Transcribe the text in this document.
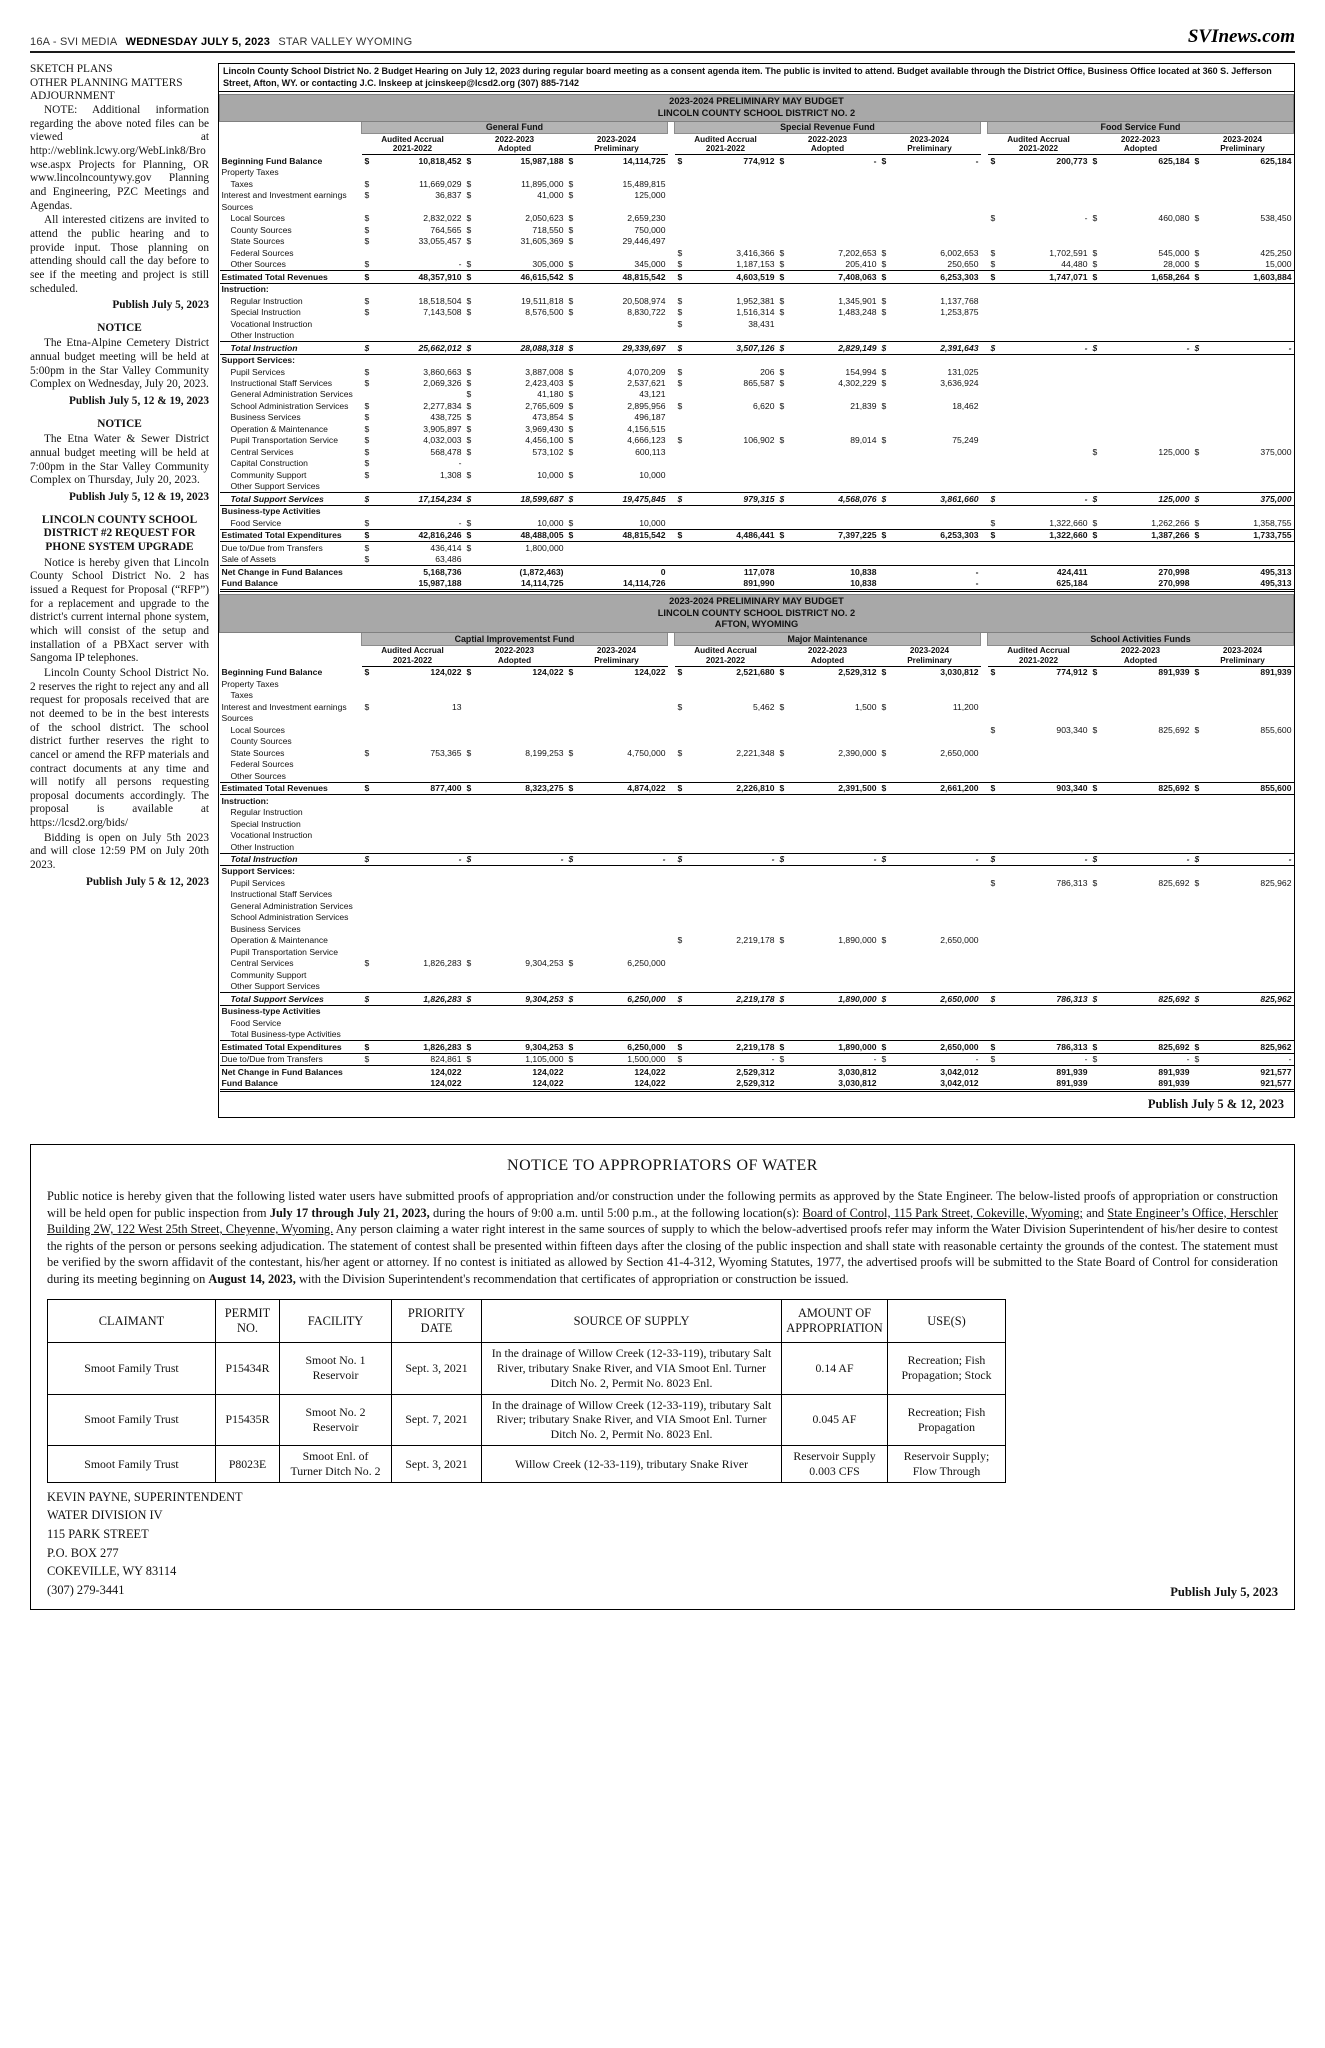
16A - SVI MEDIA WEDNESDAY JULY 5, 2023 STAR VALLEY WYOMING	SVInews.com
SKETCH PLANS
OTHER PLANNING MATTERS
ADJOURNMENT
NOTE: Additional information regarding the above noted files can be viewed at http://weblink.lcwy.org/WebLink8/Browse.aspx Projects for Planning, OR www.lincolncountywy.gov Planning and Engineering, PZC Meetings and Agendas.
All interested citizens are invited to attend the public hearing and to provide input. Those planning on attending should call the day before to see if the meeting and project is still scheduled.
Publish July 5, 2023
NOTICE
The Etna-Alpine Cemetery District annual budget meeting will be held at 5:00pm in the Star Valley Community Complex on Wednesday, July 20, 2023.
Publish July 5, 12 & 19, 2023
NOTICE
The Etna Water & Sewer District annual budget meeting will be held at 7:00pm in the Star Valley Community Complex on Thursday, July 20, 2023.
Publish July 5, 12 & 19, 2023
LINCOLN COUNTY SCHOOL DISTRICT #2 REQUEST FOR PHONE SYSTEM UPGRADE
Notice is hereby given that Lincoln County School District No. 2 has issued a Request for Proposal (“RFP”) for a replacement and upgrade to the district's current internal phone system, which will consist of the setup and installation of a PBXact server with Sangoma IP telephones.
Lincoln County School District No. 2 reserves the right to reject any and all request for proposals received that are not deemed to be in the best interests of the school district. The school district further reserves the right to cancel or amend the RFP materials and contract documents at any time and will notify all persons requesting proposal documents accordingly. The proposal is available at https://lcsd2.org/bids/
Bidding is open on July 5th 2023 and will close 12:59 PM on July 20th 2023.
Publish July 5 & 12, 2023
Lincoln County School District No. 2 Budget Hearing on July 12, 2023 during regular board meeting as a consent agenda item. The public is invited to attend. Budget available through the District Office, Business Office located at 360 S. Jefferson Street, Afton, WY. or contacting J.C. Inskeep at jcinskeep@lcsd2.org (307) 885-7142
2023-2024 PRELIMINARY MAY BUDGET
LINCOLN COUNTY SCHOOL DISTRICT NO. 2											

	General Fund				Special Revenue Fund				Food Service Fund		

Audited Accrual
2021-2022

2022-2023
Adopted

2023-2024
Preliminary

Audited Accrual
2021-2022

2022-2023
Adopted

2023-2024
Preliminary

Audited Accrual
2021-2022

2022-2023
Adopted

2023-2024
Preliminary

Beginning Fund Balance	$ 10,818,452	$ 15,987,188	$ 14,114,725		$ 774,912	$ -	$ -		$ 200,773	$ 625,184	$ 625,184
Property Taxes											
Taxes	$ 11,669,029	$ 11,895,000	$ 15,489,815								
Interest and Investment earnings	$ 36,837	$ 41,000	$ 125,000								
Sources											
Local Sources	$ 2,832,022	$ 2,050,623	$ 2,659,230						$ -	$ 460,080	$ 538,450
County Sources	$ 764,565	$ 718,550	$ 750,000								
State Sources	$ 33,055,457	$ 31,605,369	$ 29,446,497								
Federal Sources					$ 3,416,366	$ 7,202,653	$ 6,002,653		$ 1,702,591	$ 545,000	$ 425,250
Other Sources	$ -	$ 305,000	$ 345,000		$ 1,187,153	$ 205,410	$ 250,650		$ 44,480	$ 28,000	$ 15,000
Estimated Total Revenues	$ 48,357,910	$ 46,615,542	$ 48,815,542		$ 4,603,519	$ 7,408,063	$ 6,253,303		$ 1,747,071	$ 1,658,264	$ 1,603,884
Instruction:											
Regular Instruction	$ 18,518,504	$ 19,511,818	$ 20,508,974		$ 1,952,381	$ 1,345,901	$ 1,137,768				
Special Instruction	$ 7,143,508	$ 8,576,500	$ 8,830,722		$ 1,516,314	$ 1,483,248	$ 1,253,875				
Vocational Instruction					$ 38,431						
Other Instruction											
Total Instruction	$ 25,662,012	$ 28,088,318	$ 29,339,697		$ 3,507,126	$ 2,829,149	$ 2,391,643		$ -	$ -	$ -
Support Services:											
Pupil Services	$ 3,860,663	$ 3,887,008	$ 4,070,209		$ 206	$ 154,994	$ 131,025				
Instructional Staff Services	$ 2,069,326	$ 2,423,403	$ 2,537,621		$ 865,587	$ 4,302,229	$ 3,636,924				
General Administration Services		$ 41,180	$ 43,121								
School Administration Services	$ 2,277,834	$ 2,765,609	$ 2,895,956		$ 6,620	$ 21,839	$ 18,462				
Business Services	$ 438,725	$ 473,854	$ 496,187								
Operation & Maintenance	$ 3,905,897	$ 3,969,430	$ 4,156,515								
Pupil Transportation Service	$ 4,032,003	$ 4,456,100	$ 4,666,123		$ 106,902	$ 89,014	$ 75,249				
Central Services	$ 568,478	$ 573,102	$ 600,113							$ 125,000	$ 375,000
Capital Construction	$ -										
Community Support	$ 1,308	$ 10,000	$ 10,000								
Other Support Services											
Total Support Services	$ 17,154,234	$ 18,599,687	$ 19,475,845		$ 979,315	$ 4,568,076	$ 3,861,660		$ -	$ 125,000	$ 375,000
Business-type Activities											
Food Service	$ -	$ 10,000	$ 10,000						$ 1,322,660	$ 1,262,266	$ 1,358,755
Estimated Total Expenditures	$ 42,816,246	$ 48,488,005	$ 48,815,542		$ 4,486,441	$ 7,397,225	$ 6,253,303		$ 1,322,660	$ 1,387,266	$ 1,733,755
Due to/Due from Transfers	$ 436,414	$ 1,800,000									
Sale of Assets	$ 63,486										
Net Change in Fund Balances	5,168,736	(1,872,463)	0		117,078	10,838	-		424,411	270,998	495,313
Fund Balance	15,987,188	14,114,725	14,114,726		891,990	10,838	-		625,184	270,998	495,313
2023-2024 PRELIMINARY MAY BUDGET
LINCOLN COUNTY SCHOOL DISTRICT NO. 2
AFTON, WYOMING											

	Captial Improvementst Fund				Major Maintenance				School Activities Funds		

Audited Accrual
2021-2022

2022-2023
Adopted

2023-2024
Preliminary

Audited Accrual
2021-2022

2022-2023
Adopted

2023-2024
Preliminary

Audited Accrual
2021-2022

2022-2023
Adopted

2023-2024
Preliminary

Beginning Fund Balance	$ 124,022	$ 124,022	$ 124,022		$ 2,521,680	$ 2,529,312	$ 3,030,812		$ 774,912	$ 891,939	$ 891,939
Property Taxes											
Taxes											
Interest and Investment earnings	$ 13				$ 5,462	$ 1,500	$ 11,200				
Sources											
Local Sources									$ 903,340	$ 825,692	$ 855,600
County Sources											
State Sources	$ 753,365	$ 8,199,253	$ 4,750,000		$ 2,221,348	$ 2,390,000	$ 2,650,000				
Federal Sources											
Other Sources											
Estimated Total Revenues	$ 877,400	$ 8,323,275	$ 4,874,022		$ 2,226,810	$ 2,391,500	$ 2,661,200		$ 903,340	$ 825,692	$ 855,600
Instruction:											
Regular Instruction											
Special Instruction											
Vocational Instruction											
Other Instruction											
Total Instruction	$ -	$ -	$ -		$ -	$ -	$ -		$ -	$ -	$ -
Support Services:											
Pupil Services									$ 786,313	$ 825,692	$ 825,962
Instructional Staff Services											
General Administration Services											
School Administration Services											
Business Services											
Operation & Maintenance					$ 2,219,178	$ 1,890,000	$ 2,650,000				
Pupil Transportation Service											
Central Services	$ 1,826,283	$ 9,304,253	$ 6,250,000								
Community Support											
Other Support Services											
Total Support Services	$ 1,826,283	$ 9,304,253	$ 6,250,000		$ 2,219,178	$ 1,890,000	$ 2,650,000		$ 786,313	$ 825,692	$ 825,962
Business-type Activities											
Food Service											
Total Business-type Activities											
Estimated Total Expenditures	$ 1,826,283	$ 9,304,253	$ 6,250,000		$ 2,219,178	$ 1,890,000	$ 2,650,000		$ 786,313	$ 825,692	$ 825,962
Due to/Due from Transfers	$ 824,861	$ 1,105,000	$ 1,500,000		$ -	$ -	$ -		$ -	$ -	$ -
Net Change in Fund Balances	124,022	124,022	124,022		2,529,312	3,030,812	3,042,012		891,939	891,939	921,577
Fund Balance	124,022	124,022	124,022		2,529,312	3,030,812	3,042,012		891,939	891,939	921,577
Publish July 5 & 12, 2023
NOTICE TO APPROPRIATORS OF WATER

Public notice is hereby given that the following listed water users have submitted proofs of appropriation and/or construction under the following permits as approved by the State Engineer. The below-listed proofs of appropriation or construction will be held open for public inspection from July 17 through July 21, 2023, during the hours of 9:00 a.m. until 5:00 p.m., at the following location(s): Board of Control, 115 Park Street, Cokeville, Wyoming; and State Engineer’s Office, Herschler Building 2W, 122 West 25th Street, Cheyenne, Wyoming. Any person claiming a water right interest in the same sources of supply to which the below-advertised proofs refer may inform the Water Division Superintendent of his/her desire to contest the rights of the person or persons seeking adjudication. The statement of contest shall be presented within fifteen days after the closing of the public inspection and shall state with reasonable certainty the grounds of the contest. The statement must be verified by the sworn affidavit of the contestant, his/her agent or attorney. If no contest is initiated as allowed by Section 41-4-312, Wyoming Statutes, 1977, the advertised proofs will be submitted to the State Board of Control for consideration during its meeting beginning on August 14, 2023, with the Division Superintendent's recommendation that certificates of appropriation or construction be issued.

CLAIMANT	PERMIT NO.	FACILITY	PRIORITY DATE	SOURCE OF SUPPLY	AMOUNT OF APPROPRIATION	USE(S)
Smoot Family Trust	P15434R	Smoot No. 1 Reservoir	Sept. 3, 2021	In the drainage of Willow Creek (12-33-119), tributary Salt River, tributary Snake River, and VIA Smoot Enl. Turner Ditch No. 2, Permit No. 8023 Enl.	0.14 AF	Recreation; Fish Propagation; Stock
Smoot Family Trust	P15435R	Smoot No. 2 Reservoir	Sept. 7, 2021	In the drainage of Willow Creek (12-33-119), tributary Salt River; tributary Snake River, and VIA Smoot Enl. Turner Ditch No. 2, Permit No. 8023 Enl.	0.045 AF	Recreation; Fish Propagation
Smoot Family Trust	P8023E	Smoot Enl. of Turner Ditch No. 2	Sept. 3, 2021	Willow Creek (12-33-119), tributary Snake River	Reservoir Supply 0.003 CFS	Reservoir Supply; Flow Through
KEVIN PAYNE, SUPERINTENDENT
WATER DIVISION IV
115 PARK STREET
P.O. BOX 277
COKEVILLE, WY 83114
(307) 279-3441	Publish July 5, 2023
